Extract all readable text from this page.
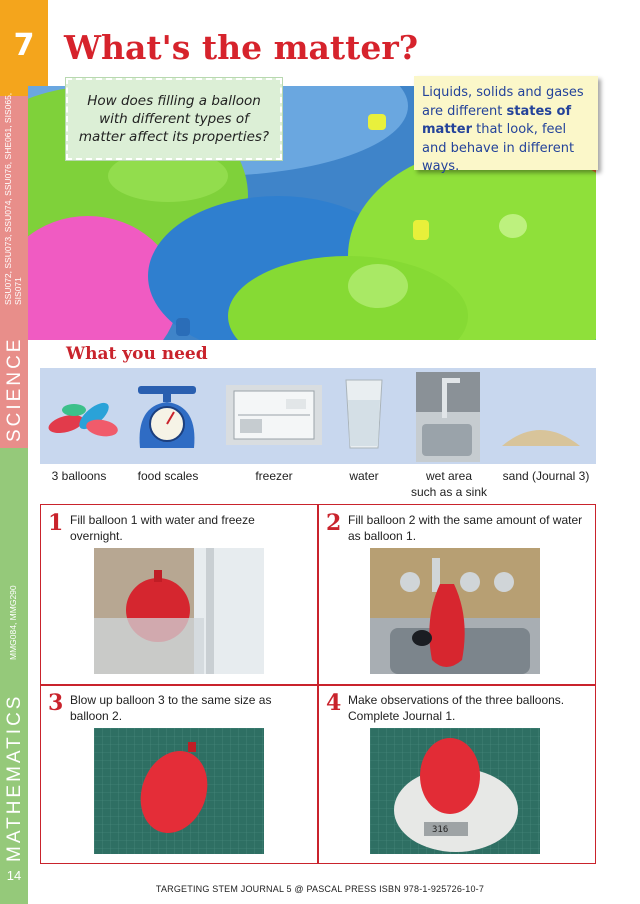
7
SCIENCE
SSU072, SSU073, SSU074, SSU076, SHE061, SIS065, SIS071
MATHEMATICS
MMG084, MMG290
14
What's the matter?
How does filling a balloon with different types of matter affect its properties?
Liquids, solids and gases are different states of matter that look, feel and behave in different ways.
What you need
3 balloons	food scales	freezer	water	wet area
such as a sink
sand (Journal 3)
1 Fill balloon 1 with water and freeze overnight.	2 Fill balloon 2 with the same amount of water as balloon 1.
3 Blow up balloon 3 to the same size as balloon 2.	4 Make observations of the three balloons. Complete Journal 1.
316
TARGETING STEM JOURNAL 5 @ PASCAL PRESS ISBN 978-1-925726-10-7
